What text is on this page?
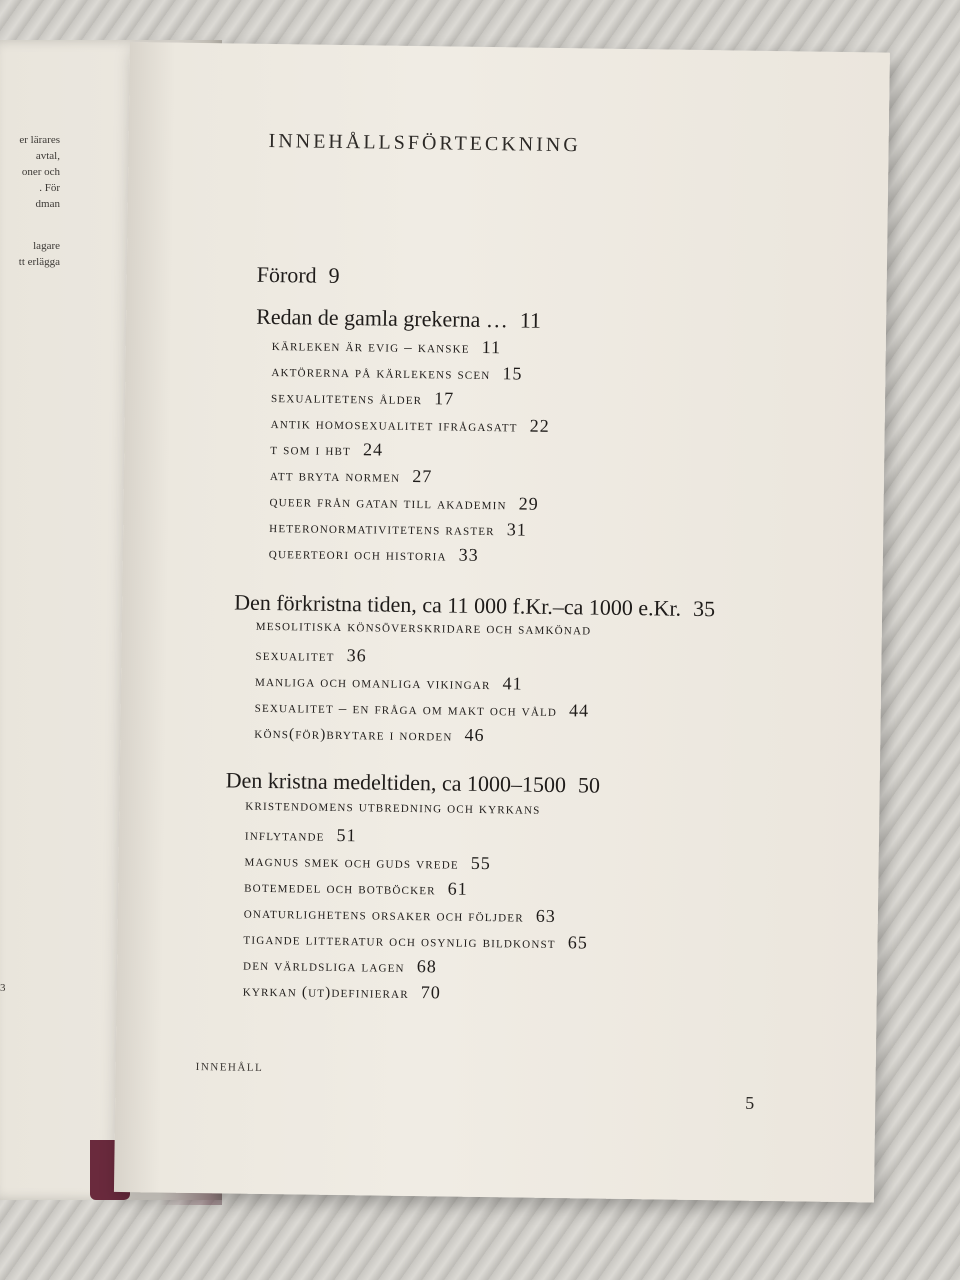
er lärares
avtal,
oner och
. För
dman
lagare
tt erlägga
3
INNEHÅLLSFÖRTECKNING
Förord 9
Redan de gamla grekerna … 11
kärleken är evig – kanske 11
aktörerna på kärlekens scen 15
sexualitetens ålder 17
antik homosexualitet ifrågasatt 22
t som i hbt 24
att bryta normen 27
queer från gatan till akademin 29
heteronormativitetens raster 31
queerteori och historia 33
Den förkristna tiden, ca 11 000 f.Kr.–ca 1000 e.Kr. 35
mesolitiska könsöverskridare och samkönad
sexualitet 36
manliga och omanliga vikingar 41
sexualitet – en fråga om makt och våld 44
köns(för)brytare i norden 46
Den kristna medeltiden, ca 1000–1500 50
kristendomens utbredning och kyrkans
inflytande 51
magnus smek och guds vrede 55
botemedel och botböcker 61
onaturlighetens orsaker och följder 63
tigande litteratur och osynlig bildkonst 65
den världsliga lagen 68
kyrkan (ut)definierar 70
INNEHÅLL
5
